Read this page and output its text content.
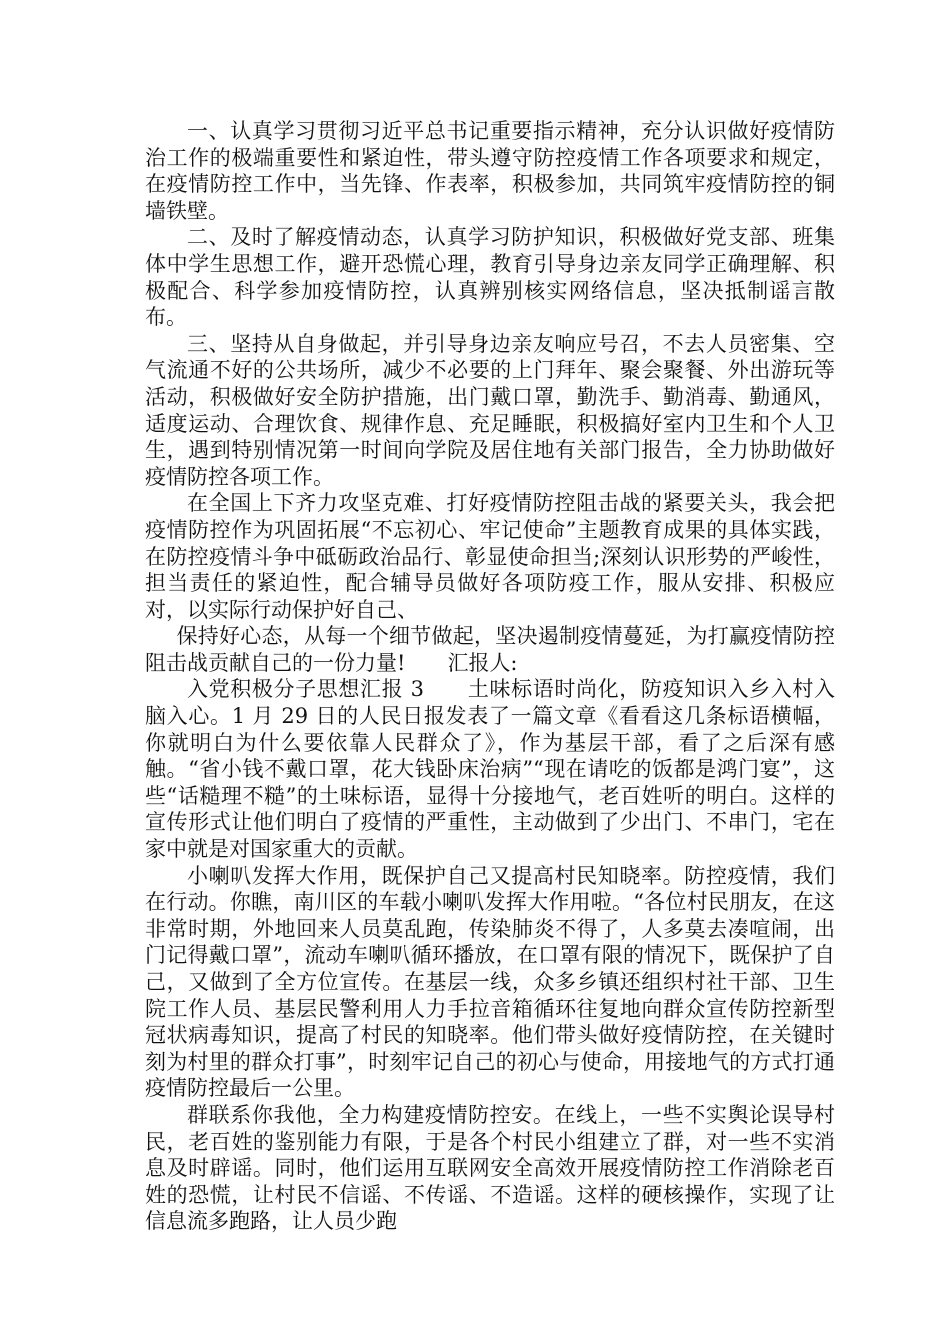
一、认真学习贯彻习近平总书记重要指示精神，充分认识做好疫情防治工作的极端重要性和紧迫性，带头遵守防控疫情工作各项要求和规定，在疫情防控工作中，当先锋、作表率，积极参加，共同筑牢疫情防控的铜墙铁壁。

二、及时了解疫情动态，认真学习防护知识，积极做好党支部、班集体中学生思想工作，避开恐慌心理，教育引导身边亲友同学正确理解、积极配合、科学参加疫情防控，认真辨别核实网络信息，坚决抵制谣言散布。

三、坚持从自身做起，并引导身边亲友响应号召，不去人员密集、空气流通不好的公共场所，减少不必要的上门拜年、聚会聚餐、外出游玩等活动，积极做好安全防护措施，出门戴口罩，勤洗手、勤消毒、勤通风，适度运动、合理饮食、规律作息、充足睡眠，积极搞好室内卫生和个人卫生，遇到特别情况第一时间向学院及居住地有关部门报告，全力协助做好疫情防控各项工作。

在全国上下齐力攻坚克难、打好疫情防控阻击战的紧要关头，我会把疫情防控作为巩固拓展“不忘初心、牢记使命”主题教育成果的具体实践，在防控疫情斗争中砥砺政治品行、彰显使命担当;深刻认识形势的严峻性，担当责任的紧迫性，配合辅导员做好各项防疫工作，服从安排、积极应对，以实际行动保护好自己、

保持好心态，从每一个细节做起，坚决遏制疫情蔓延，为打赢疫情防控阻击战贡献自己的一份力量!　　汇报人:

入党积极分子思想汇报 3　　土味标语时尚化，防疫知识入乡入村入脑入心。1 月 29 日的人民日报发表了一篇文章《看看这几条标语横幅，你就明白为什么要依靠人民群众了》，作为基层干部，看了之后深有感触。“省小钱不戴口罩，花大钱卧床治病”“现在请吃的饭都是鸿门宴”，这些“话糙理不糙”的土味标语，显得十分接地气，老百姓听的明白。这样的宣传形式让他们明白了疫情的严重性，主动做到了少出门、不串门，宅在家中就是对国家重大的贡献。

小喇叭发挥大作用，既保护自己又提高村民知晓率。防控疫情，我们在行动。你瞧，南川区的车载小喇叭发挥大作用啦。“各位村民朋友，在这非常时期，外地回来人员莫乱跑，传染肺炎不得了，人多莫去凑喧闹，出门记得戴口罩”，流动车喇叭循环播放，在口罩有限的情况下，既保护了自己，又做到了全方位宣传。在基层一线，众多乡镇还组织村社干部、卫生院工作人员、基层民警利用人力手拉音箱循环往复地向群众宣传防控新型冠状病毒知识，提高了村民的知晓率。他们带头做好疫情防控，在关键时刻为村里的群众打事”，时刻牢记自己的初心与使命，用接地气的方式打通疫情防控最后一公里。

群联系你我他，全力构建疫情防控安。在线上，一些不实舆论误导村民，老百姓的鉴别能力有限，于是各个村民小组建立了群，对一些不实消息及时辟谣。同时，他们运用互联网安全高效开展疫情防控工作消除老百姓的恐慌，让村民不信谣、不传谣、不造谣。这样的硬核操作，实现了让信息流多跑路，让人员少跑
